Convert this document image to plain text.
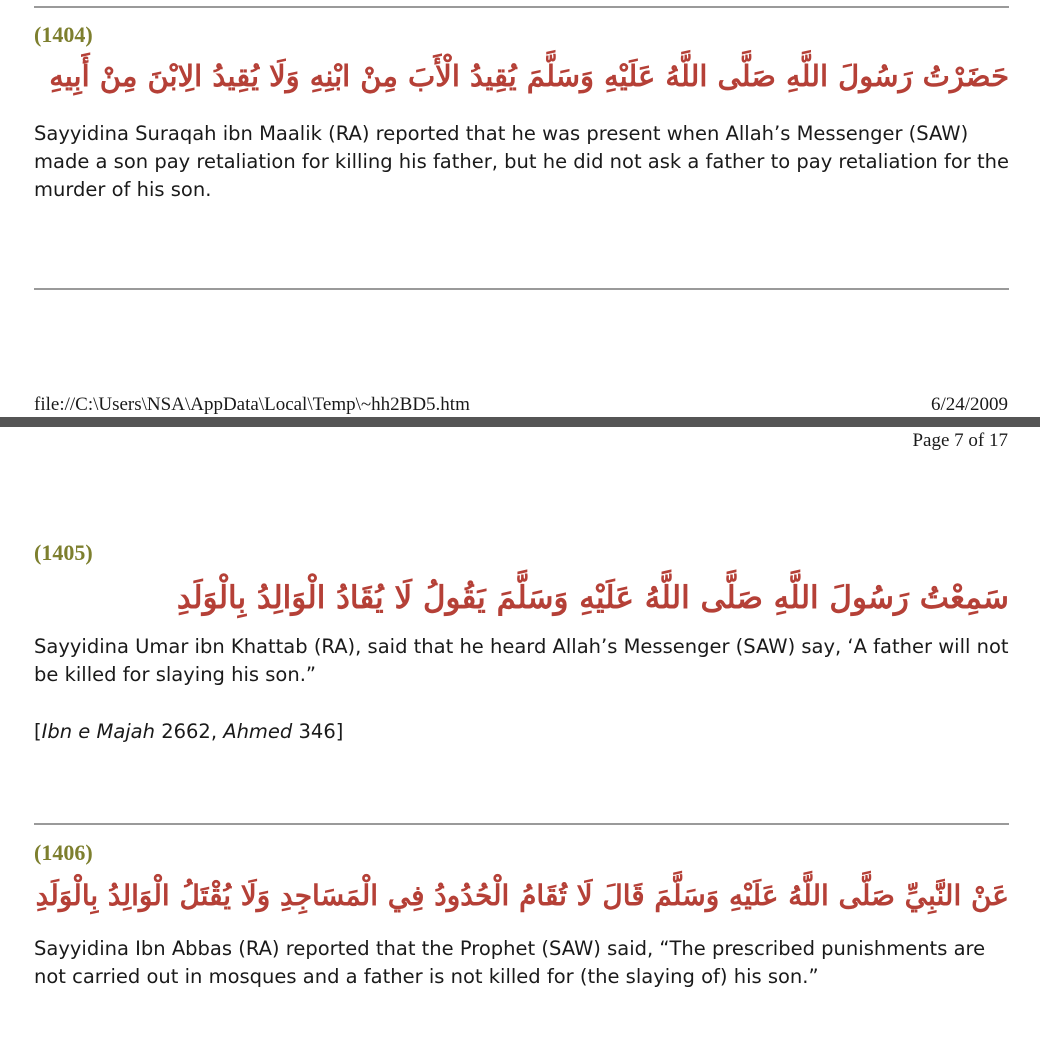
(1404)
حَضَرْتُ رَسُولَ اللَّهِ صَلَّى اللَّهُ عَلَيْهِ وَسَلَّمَ يُقِيدُ الْأَبَ مِنْ ابْنِهِ وَلَا يُقِيدُ الِابْنَ مِنْ أَبِيهِ
Sayyidina Suraqah ibn Maalik (RA) reported that he was present when Allah’s Messenger (SAW) made a son pay retaliation for killing his father, but he did not ask a father to pay retaliation for the murder of his son.
file://C:\Users\NSA\AppData\Local\Temp\~hh2BD5.htm	6/24/2009
Page 7 of 17
(1405)
سَمِعْتُ رَسُولَ اللَّهِ صَلَّى اللَّهُ عَلَيْهِ وَسَلَّمَ يَقُولُ لَا يُقَادُ الْوَالِدُ بِالْوَلَدِ
Sayyidina Umar ibn Khattab (RA), said that he heard Allah’s Messenger (SAW) say, ‘A father will not be killed for slaying his son.”
[Ibn e Majah 2662, Ahmed 346]
(1406)
عَنْ النَّبِيِّ صَلَّى اللَّهُ عَلَيْهِ وَسَلَّمَ قَالَ لَا تُقَامُ الْحُدُودُ فِي الْمَسَاجِدِ وَلَا يُقْتَلُ الْوَالِدُ بِالْوَلَدِ
Sayyidina Ibn Abbas (RA) reported that the Prophet (SAW) said, “The prescribed punishments are not carried out in mosques and a father is not killed for (the slaying of) his son.”
